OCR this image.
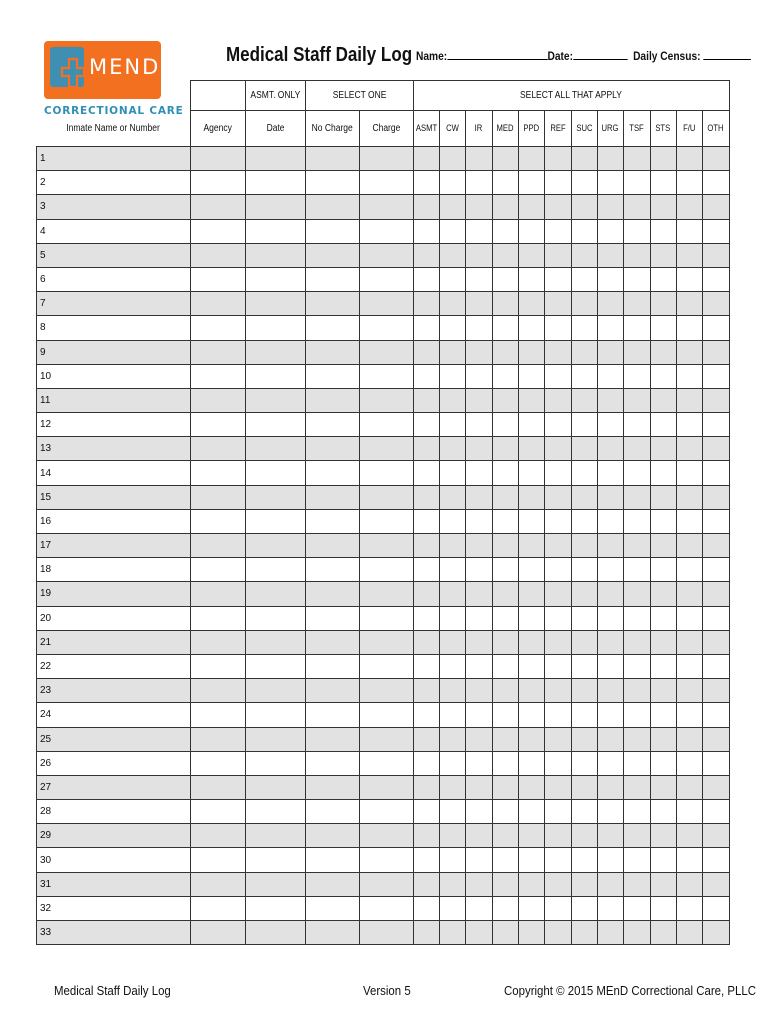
MEND
CORRECTIONAL CARE
Medical Staff Daily Log Name:	Date:	Daily Census:
		ASMT. ONLY	SELECT ONE		SELECT ALL THAT APPLY											
Inmate Name or Number	Agency	Date	No Charge	Charge	ASMT	CW	IR	MED	PPD	REF	SUC	URG	TSF	STS	F/U	OTH
1																
2																
3																
4																
5																
6																
7																
8																
9																
10																
11																
12																
13																
14																
15																
16																
17																
18																
19																
20																
21																
22																
23																
24																
25																
26																
27																
28																
29																
30																
31																
32																
33																
Medical Staff Daily Log	Version 5	Copyright © 2015 MEnD Correctional Care, PLLC
